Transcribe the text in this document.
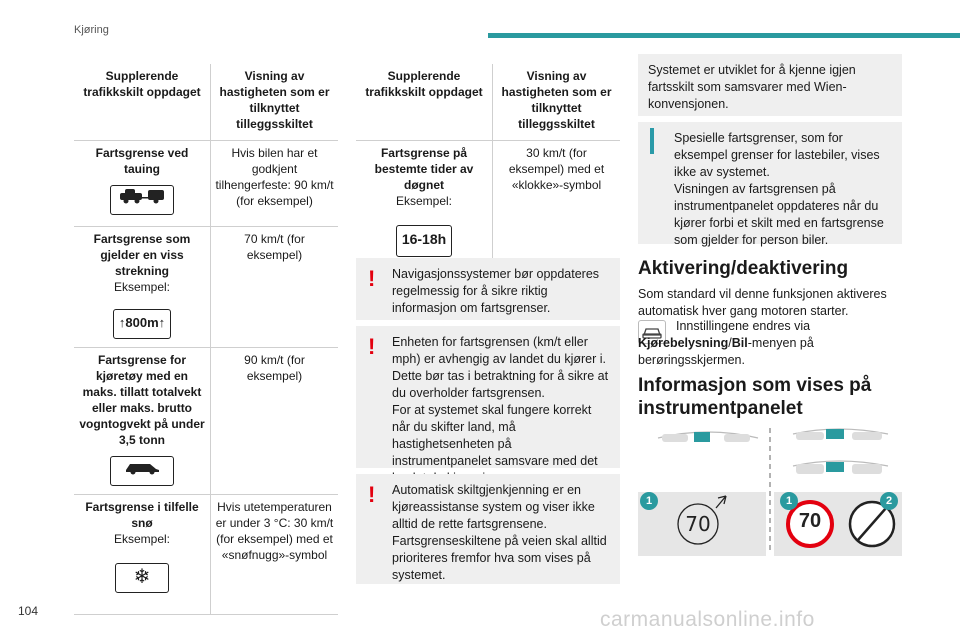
Kjøring
Supplerende trafikkskilt oppdaget	Visning av hastigheten som er tilknyttet tilleggsskiltet

Fartsgrense ved tauing	Hvis bilen har et godkjent tilhengerfeste: 90 km/t (for eksempel)

Fartsgrense som gjelder en viss strekning
Eksempel:
↑800m↑	70 km/t (for eksempel)

Fartsgrense for kjøretøy med en maks. tillatt totalvekt eller maks. brutto vogntogvekt på under 3,5 tonn	90 km/t (for eksempel)

Fartsgrense i tilfelle snø
Eksempel:
❄	Hvis utetemperaturen er under 3 °C: 30 km/t (for eksempel) med et «snøfnugg»-symbol
Supplerende trafikkskilt oppdaget	Visning av hastigheten som er tilknyttet tilleggsskiltet

Fartsgrense på bestemte tider av døgnet
Eksempel:
16-18h	30 km/t (for eksempel) med et «klokke»-symbol
!	Navigasjonssystemer bør oppdateres regelmessig for å sikre riktig informasjon om fartsgrenser.
!	Enheten for fartsgrensen (km/t eller mph) er avhengig av landet du kjører i.
Dette bør tas i betraktning for å sikre at du overholder fartsgrensen.
For at systemet skal fungere korrekt når du skifter land, må hastighetsenheten på instrumentpanelet samsvare med det
!	Automatisk skiltgjenkjenning er en kjøreassistanse system og viser ikke alltid de rette fartsgrensene.
Fartsgrenseskiltene på veien skal alltid prioriteres fremfor hva som vises på systemet.
Systemet er utviklet for å kjenne igjen fartsskilt som samsvarer med Wien-konvensjonen.
Spesielle fartsgrenser, som for eksempel grenser for lastebiler, vises ikke av systemet.
Visningen av fartsgrensen på instrumentpanelet oppdateres når du kjører forbi et skilt med en fartsgrense som gjelder for person biler.
Aktivering/deaktivering
Som standard vil denne funksjonen aktiveres automatisk hver gang motoren starter.
Innstillingene endres via Kjørebelysning/Bil-menyen på berøringsskjermen.
Informasjon som vises på instrumentpanelet
1	1	2
70	70
104	carmanualsonline.info
